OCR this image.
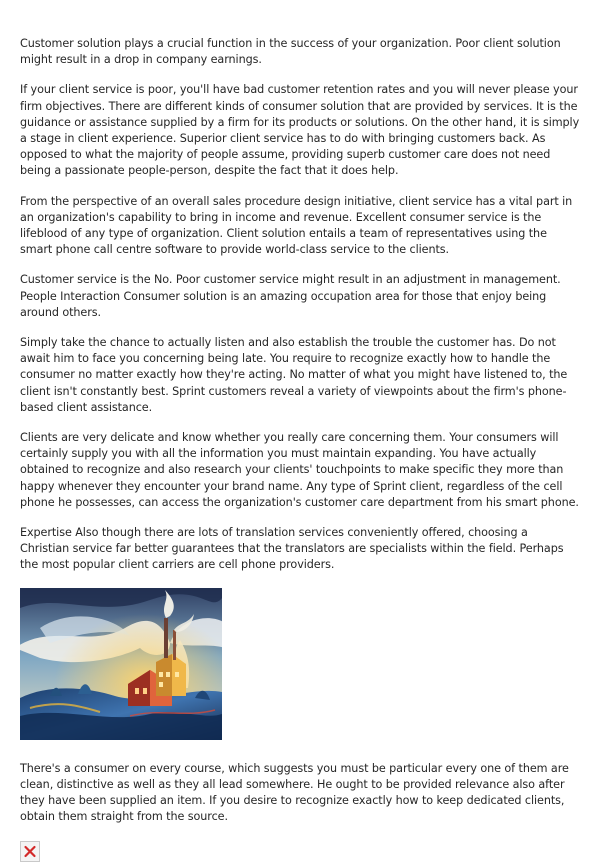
Customer solution plays a crucial function in the success of your organization. Poor client solution might result in a drop in company earnings.

If your client service is poor, you'll have bad customer retention rates and you will never please your firm objectives. There are different kinds of consumer solution that are provided by services. It is the guidance or assistance supplied by a firm for its products or solutions. On the other hand, it is simply a stage in client experience. Superior client service has to do with bringing customers back. As opposed to what the majority of people assume, providing superb customer care does not need being a passionate people-person, despite the fact that it does help.

From the perspective of an overall sales procedure design initiative, client service has a vital part in an organization's capability to bring in income and revenue. Excellent consumer service is the lifeblood of any type of organization. Client solution entails a team of representatives using the smart phone call centre software to provide world-class service to the clients.

Customer service is the No. Poor customer service might result in an adjustment in management. People Interaction Consumer solution is an amazing occupation area for those that enjoy being around others.

Simply take the chance to actually listen and also establish the trouble the customer has. Do not await him to face you concerning being late. You require to recognize exactly how to handle the consumer no matter exactly how they're acting. No matter of what you might have listened to, the client isn't constantly best. Sprint customers reveal a variety of viewpoints about the firm's phone-based client assistance.

Clients are very delicate and know whether you really care concerning them. Your consumers will certainly supply you with all the information you must maintain expanding. You have actually obtained to recognize and also research your clients' touchpoints to make specific they more than happy whenever they encounter your brand name. Any type of Sprint client, regardless of the cell phone he possesses, can access the organization's customer care department from his smart phone.

Expertise Also though there are lots of translation services conveniently offered, choosing a Christian service far better guarantees that the translators are specialists within the field. Perhaps the most popular client carriers are cell phone providers.

There's a consumer on every course, which suggests you must be particular every one of them are clean, distinctive as well as they all lead somewhere. He ought to be provided relevance also after they have been supplied an item. If you desire to recognize exactly how to keep dedicated clients, obtain them straight from the source.
